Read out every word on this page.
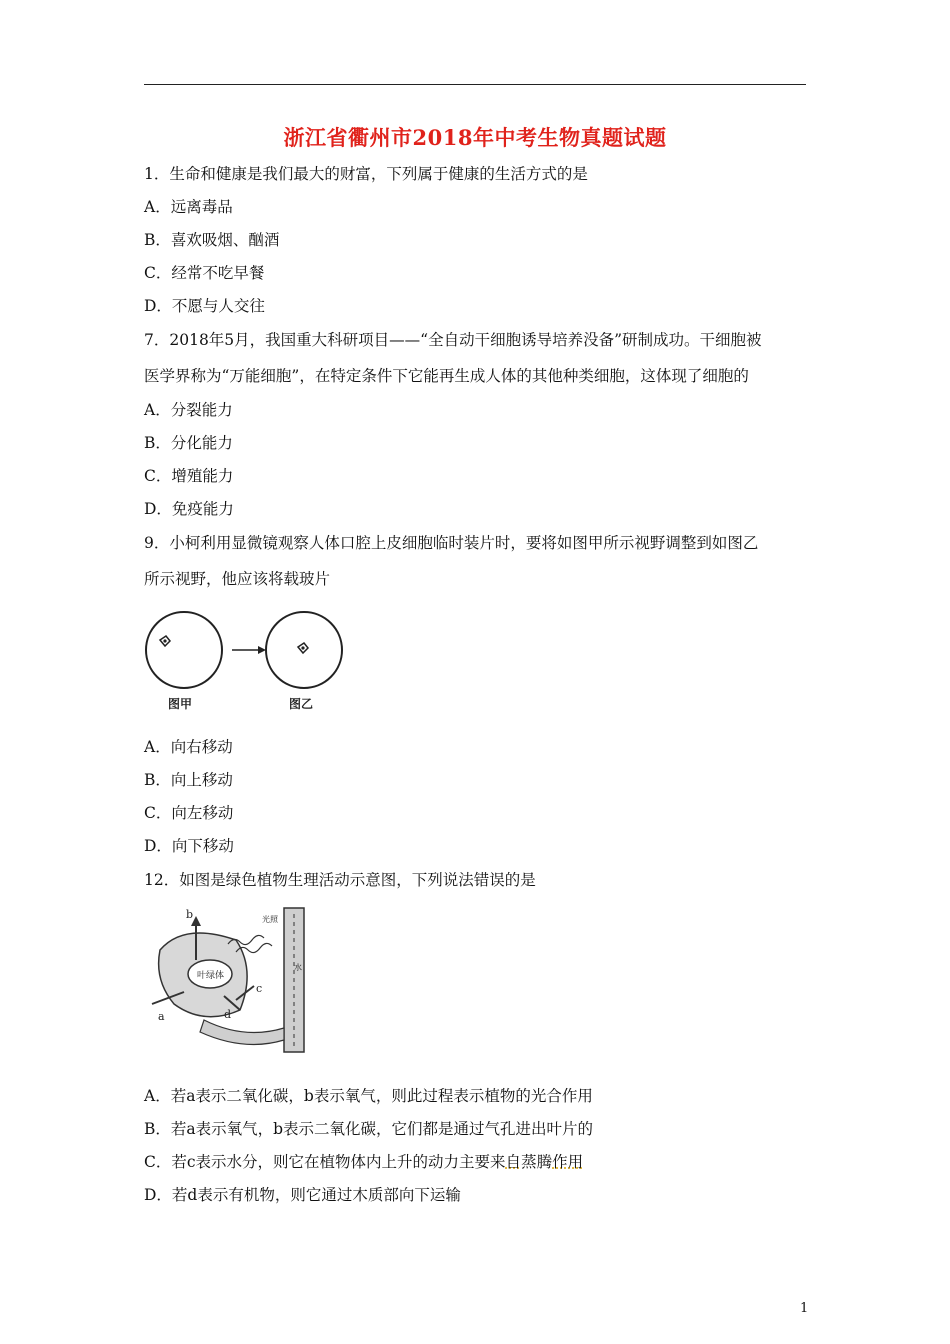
浙江省衢州市2018年中考生物真题试题
1．生命和健康是我们最大的财富，下列属于健康的生活方式的是
A．远离毒品
B．喜欢吸烟、酗酒
C．经常不吃早餐
D．不愿与人交往
7．2018年5月，我国重大科研项目——“全自动干细胞诱导培养没备”研制成功。干细胞被
医学界称为“万能细胞”，在特定条件下它能再生成人体的其他种类细胞，这体现了细胞的
A．分裂能力
B．分化能力
C．增殖能力
D．免疫能力
9．小柯利用显微镜观察人体口腔上皮细胞临时装片时，要将如图甲所示视野调整到如图乙
所示视野，他应该将载玻片
图甲	图乙
A．向右移动
B．向上移动
C．向左移动
D．向下移动
12．如图是绿色植物生理活动示意图，下列说法错误的是
叶绿体
光照
水
b
a
c
d
A．若a表示二氧化碳，b表示氧气，则此过程表示植物的光合作用
B．若a表示氧气，b表示二氧化碳，它们都是通过气孔进出叶片的
C．若c表示水分，则它在植物体内上升的动力主要来自蒸腾作用
D．若d表示有机物，则它通过木质部向下运输
1
